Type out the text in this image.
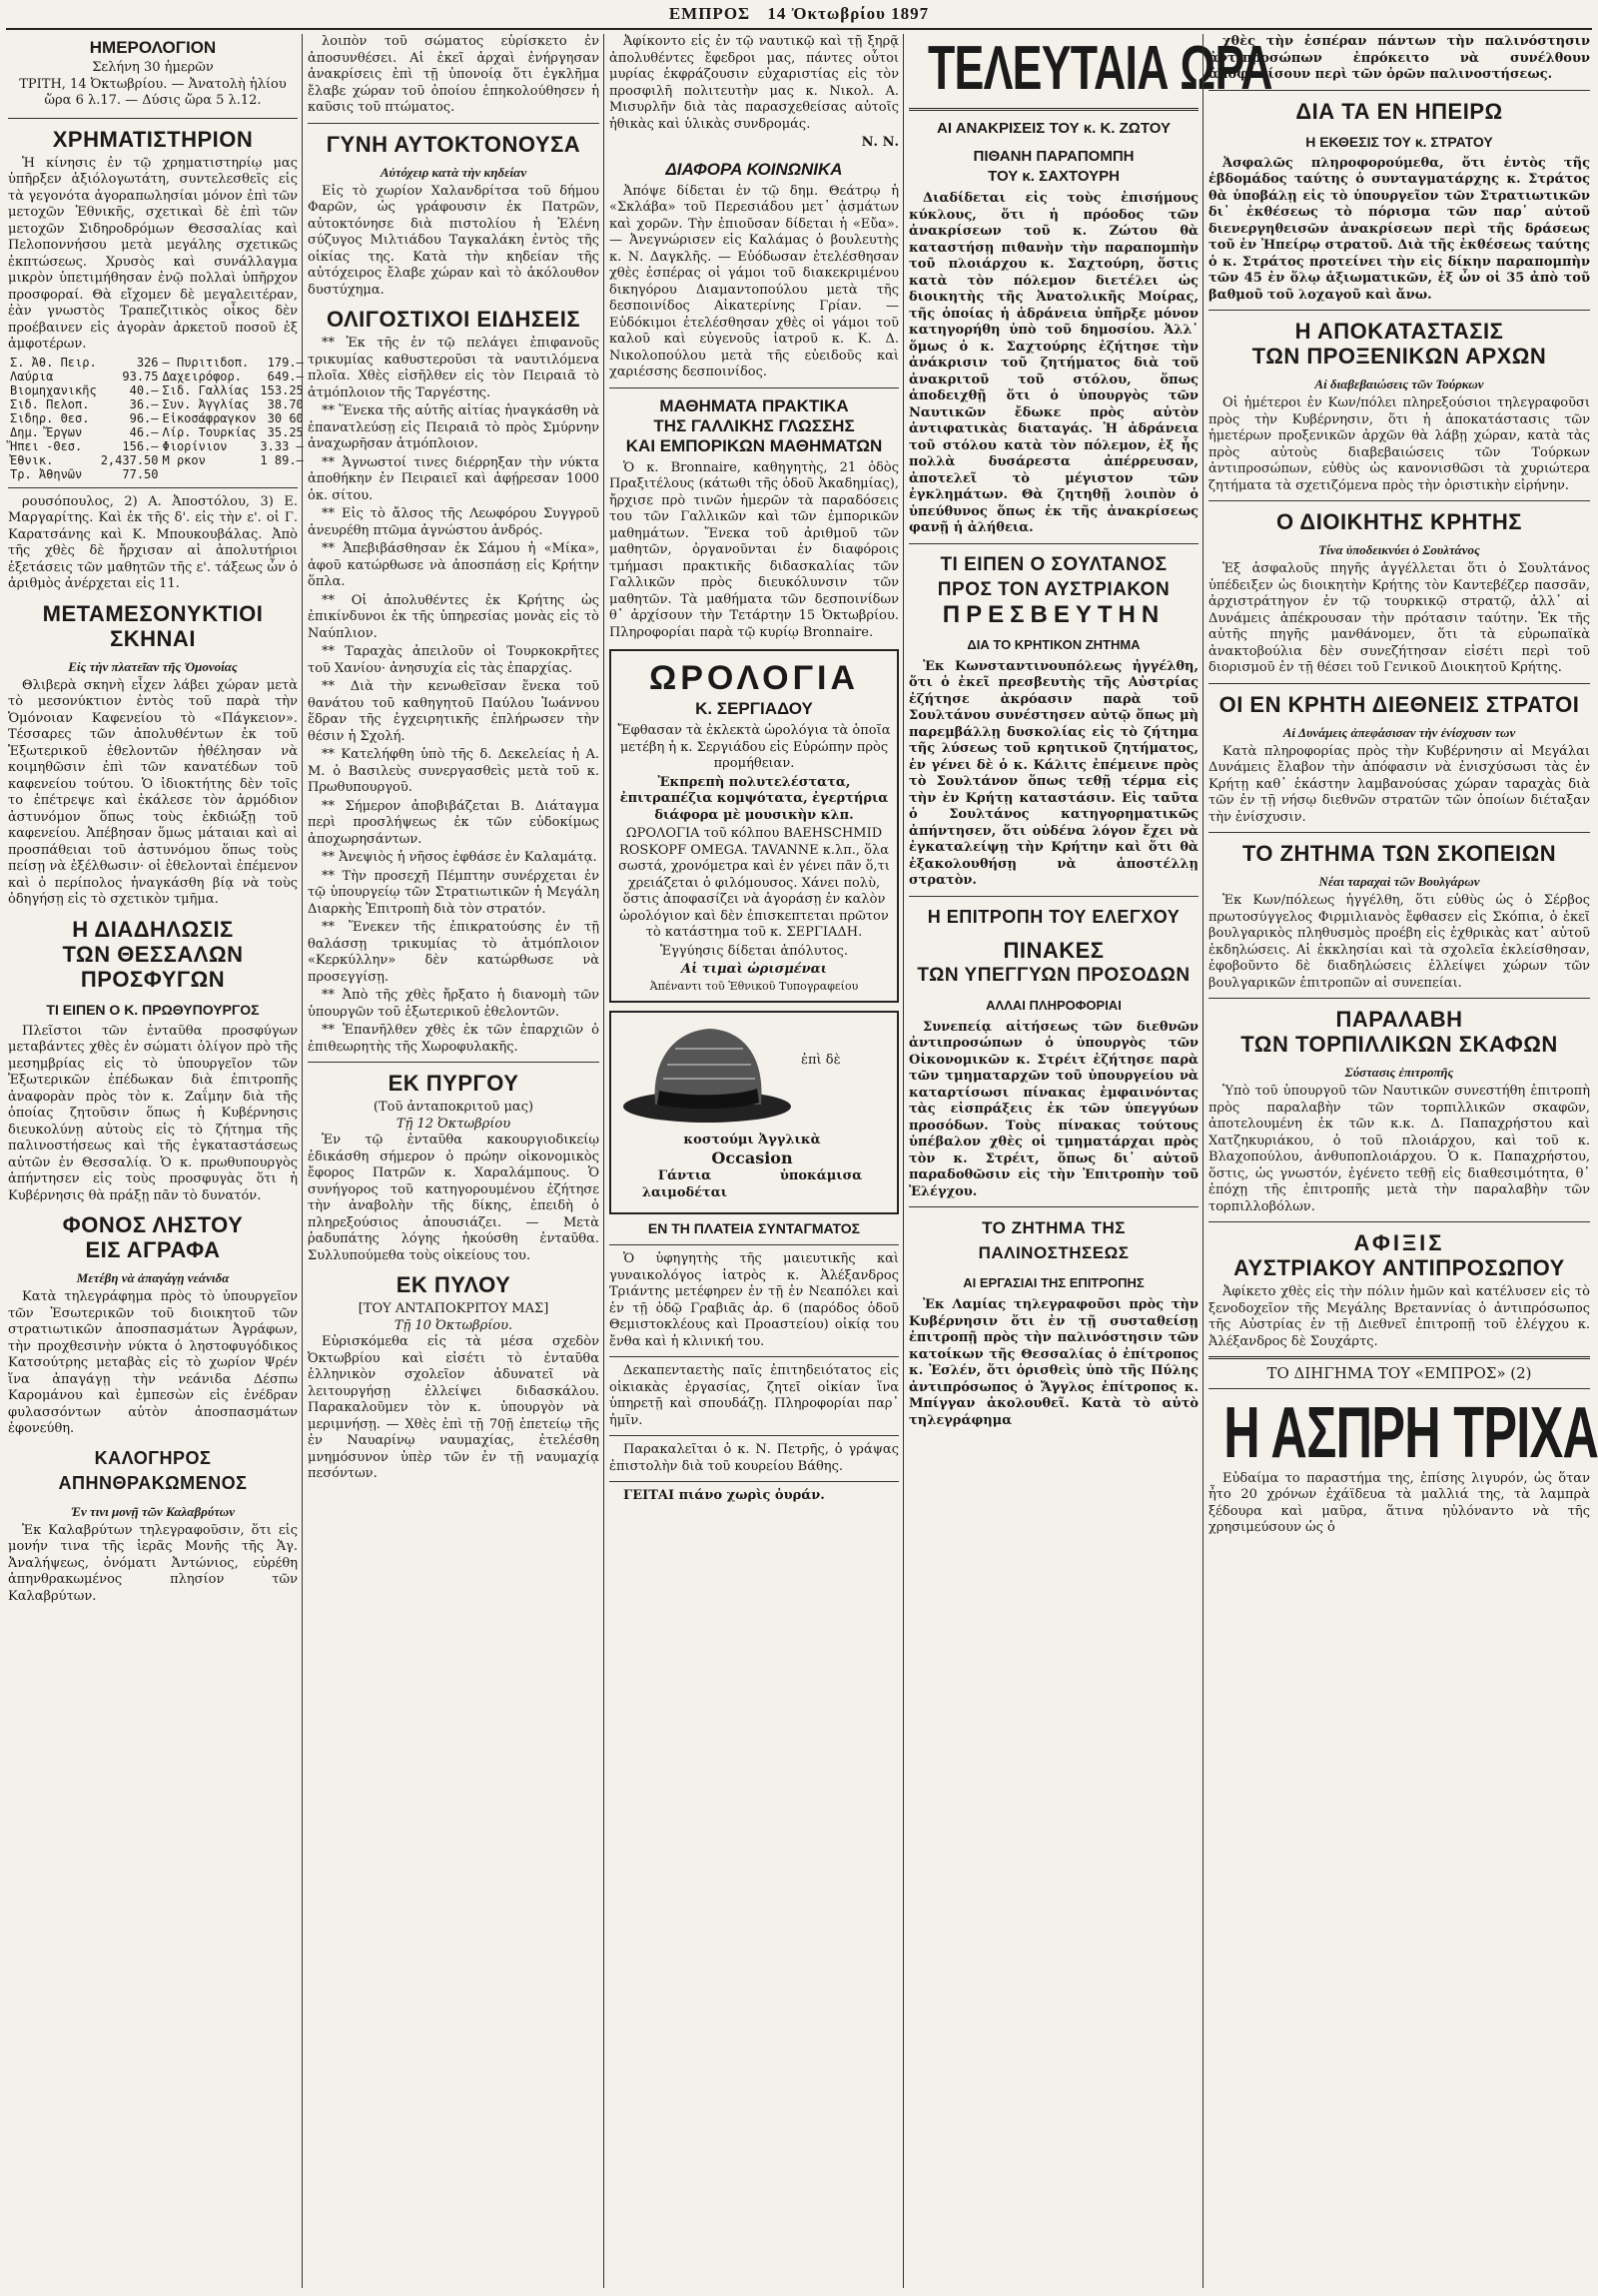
ΕΜΠΡΟΣ 14 Ὀκτωβρίου 1897
ΗΜΕΡΟΛΟΓΙΟΝ
Σελήνη 30 ἡμερῶν
ΤΡΙΤΗ, 14 Ὀκτωβρίου. — Ἀνατολὴ ἡλίου ὥρα 6 λ.17. — Δύσις ὥρα 5 λ.12.
ΧΡΗΜΑΤΙΣΤΗΡΙΟΝ

Ἡ κίνησις ἐν τῷ χρηματιστηρίῳ μας ὑπῆρξεν ἀξιόλογωτάτη, συντελεσθεῖς εἰς τὰ γεγονότα ἀγοραπωλησίαι μόνον ἐπὶ τῶν μετοχῶν Ἐθνικῆς, σχετικαὶ δὲ ἐπὶ τῶν μετοχῶν Σιδηροδρόμων Θεσσαλίας καὶ Πελοποννήσου μετὰ μεγάλης σχετικῶς ἐκπτώσεως. Χρυσὸς καὶ συνάλλαγμα μικρὸν ὑπετιμήθησαν ἐνῷ πολλαὶ ὑπῆρχον προσφοραί. Θὰ εἴχομεν δὲ μεγαλειτέραν, ἐὰν γνωστὸς Τραπεζιτικὸς οἶκος δὲν προέβαινεν εἰς ἀγορὰν ἀρκετοῦ ποσοῦ ἐξ ἀμφοτέρων.

Σ. Ἀθ. Πειρ.	326	— Πυριτιδοπ.	179.—
Λαύρια	93.75	Δαχειρόφορ.	649.—
Βιομηχανικῆς	40.—	Σιδ. Γαλλίας	153.25
Σιδ. Πελοπ.	36.—	Συν. Ἀγγλίας	38.70
Σιδηρ. Θεσ.	96.—	Εἰκοσάφραγκον	30 60
Δημ. Ἔργων	46.—	Λίρ. Τουρκίας	35.25
Ἤπει -Θεσ.	156.—	Φιορίνιον	3.33 —
Ἐθνικ.	2,437.50	Μ ρκον	1 89.—
Τρ. Ἀθηνῶν	77.50		

ρουσόπουλος, 2) Α. Ἀποστόλου, 3) Ε. Μαργαρίτης. Καὶ ἐκ τῆς δ'. εἰς τὴν ε'. οἱ Γ. Καρατσάνης καὶ Κ. Μπουκουβάλας. Ἀπὸ τῆς χθὲς δὲ ἤρχισαν αἱ ἀπολυτήριοι ἐξετάσεις τῶν μαθητῶν τῆς ε'. τάξεως ὧν ὁ ἀριθμὸς ἀνέρχεται εἰς 11.

ΜΕΤΑΜΕΣΟΝΥΚΤΙΟΙ ΣΚΗΝΑΙ
Εἰς τὴν πλατεῖαν τῆς Ὁμονοίας

Θλιβερὰ σκηνὴ εἶχεν λάβει χώραν μετὰ τὸ μεσονύκτιον ἐντὸς τοῦ παρὰ τὴν Ὁμόνοιαν Καφενείου τὸ «Πάγκειον». Τέσσαρες τῶν ἀπολυθέντων ἐκ τοῦ Ἐξωτερικοῦ ἐθελοντῶν ἠθέλησαν νὰ κοιμηθῶσιν ἐπὶ τῶν κανατέδων τοῦ καφενείου τούτου. Ὁ ἰδιοκτήτης δὲν τοῖς το ἐπέτρεψε καὶ ἐκάλεσε τὸν ἁρμόδιον ἀστυνόμον ὅπως τοὺς ἐκδιώξῃ τοῦ καφενείου. Ἀπέβησαν ὅμως μάταιαι καὶ αἱ προσπάθειαι τοῦ ἀστυνόμου ὅπως τοὺς πείσῃ νὰ ἐξέλθωσιν· οἱ ἐθελονταὶ ἐπέμενον καὶ ὁ περίπολος ἠναγκάσθη βίᾳ νὰ τοὺς ὁδηγήσῃ εἰς τὸ σχετικὸν τμῆμα.

Η ΔΙΑΔΗΛΩΣΙΣ
ΤΩΝ ΘΕΣΣΑΛΩΝ ΠΡΟΣΦΥΓΩΝ
ΤΙ ΕΙΠΕΝ Ο Κ. ΠΡΩΘΥΠΟΥΡΓΟΣ

Πλεῖστοι τῶν ἐνταῦθα προσφύγων μεταβάντες χθὲς ἐν σώματι ὀλίγον πρὸ τῆς μεσημβρίας εἰς τὸ ὑπουργεῖον τῶν Ἐξωτερικῶν ἐπέδωκαν διὰ ἐπιτροπῆς ἀναφορὰν πρὸς τὸν κ. Ζαΐμην διὰ τῆς ὁποίας ζητοῦσιν ὅπως ἡ Κυβέρνησις διευκολύνῃ αὐτοὺς εἰς τὸ ζήτημα τῆς παλινοστήσεως καὶ τῆς ἐγκαταστάσεως αὐτῶν ἐν Θεσσαλίᾳ. Ὁ κ. πρωθυπουργὸς ἀπήντησεν εἰς τοὺς προσφυγὰς ὅτι ἡ Κυβέρνησις θὰ πράξῃ πᾶν τὸ δυνατόν.

ΦΟΝΟΣ ΛΗΣΤΟΥ
ΕΙΣ ΑΓΡΑΦΑ
Μετέβη νὰ ἀπαγάγῃ νεάνιδα

Κατὰ τηλεγράφημα πρὸς τὸ ὑπουργεῖον τῶν Ἐσωτερικῶν τοῦ διοικητοῦ τῶν στρατιωτικῶν ἀποσπασμάτων Ἀγράφων, τὴν προχθεσινὴν νύκτα ὁ ληστοφυγόδικος Κατσούτρης μεταβὰς εἰς τὸ χωρίον Ψρέν ἵνα ἀπαγάγῃ τὴν νεάνιδα Δέσπω Καρομάνου καὶ ἐμπεσὼν εἰς ἐνέδραν φυλασσόντων αὐτὸν ἀποσπασμάτων ἐφονεύθη.

ΚΑΛΟΓΗΡΟΣ ΑΠΗΝΘΡΑΚΩΜΕΝΟΣ
Ἐν τινι μονῇ τῶν Καλαβρύτων

Ἐκ Καλαβρύτων τηλεγραφοῦσιν, ὅτι εἰς μονήν τινα τῆς ἱερᾶς Μονῆς τῆς Ἁγ. Ἀναλήψεως, ὀνόματι Ἀντώνιος, εὑρέθη ἀπηνθρακωμένος πλησίον τῶν Καλαβρύτων.

λοιπὸν τοῦ σώματος εὑρίσκετο ἐν ἀποσυνθέσει. Αἱ ἐκεῖ ἀρχαὶ ἐνήργησαν ἀνακρίσεις ἐπὶ τῇ ὑπονοίᾳ ὅτι ἐγκλῆμα ἔλαβε χώραν τοῦ ὁποίου ἐπηκολούθησεν ἡ καῦσις τοῦ πτώματος.

ΓΥΝΗ ΑΥΤΟΚΤΟΝΟΥΣΑ
Αὐτόχειρ κατὰ τὴν κηδείαν

Εἰς τὸ χωρίον Χαλανδρίτσα τοῦ δήμου Φαρῶν, ὡς γράφουσιν ἐκ Πατρῶν, αὐτοκτόνησε διὰ πιστολίου ἡ Ἑλένη σύζυγος Μιλτιάδου Ταγκαλάκη ἐντὸς τῆς οἰκίας της. Κατὰ τὴν κηδείαν τῆς αὐτόχειρος ἔλαβε χώραν καὶ τὸ ἀκόλουθον δυστύχημα.

ΟΛΙΓΟΣΤΙΧΟΙ ΕΙΔΗΣΕΙΣ

** Ἐκ τῆς ἐν τῷ πελάγει ἐπιφανοῦς τρικυμίας καθυστεροῦσι τὰ ναυτιλόμενα πλοῖα. Χθὲς εἰσῆλθεν εἰς τὸν Πειραιᾶ τὸ ἀτμόπλοιον τῆς Ταργέστης.

** Ἕνεκα τῆς αὐτῆς αἰτίας ἠναγκάσθη νὰ ἐπανατλεύσῃ εἰς Πειραιᾶ τὸ πρὸς Σμύρνην ἀναχωρῆσαν ἀτμόπλοιον.

** Ἀγνωστοί τινες διέρρηξαν τὴν νύκτα ἀποθήκην ἐν Πειραιεῖ καὶ ἀφῄρεσαν 1000 ὀκ. σίτου.

** Εἰς τὸ ἄλσος τῆς Λεωφόρου Συγγροῦ ἀνευρέθη πτῶμα ἀγνώστου ἀνδρός.

** Ἀπεβιβάσθησαν ἐκ Σάμου ἡ «Μίκα», ἀφοῦ κατώρθωσε νὰ ἀποσπάσῃ εἰς Κρήτην ὅπλα.

** Οἱ ἀπολυθέντες ἐκ Κρήτης ὡς ἐπικίνδυνοι ἐκ τῆς ὑπηρεσίας μονὰς εἰς τὸ Ναύπλιον.

** Ταραχὰς ἀπειλοῦν οἱ Τουρκοκρῆτες τοῦ Χανίου· ἀνησυχία εἰς τὰς ἐπαρχίας.

** Διὰ τὴν κενωθεῖσαν ἕνεκα τοῦ θανάτου τοῦ καθηγητοῦ Παύλου Ἰωάννου ἕδραν τῆς ἐγχειρητικῆς ἐπλήρωσεν τὴν θέσιν ἡ Σχολή.

** Κατελήφθη ὑπὸ τῆς δ. Δεκελείας ἡ Α. Μ. ὁ Βασιλεὺς συνεργασθεὶς μετὰ τοῦ κ. Πρωθυπουργοῦ.

** Σήμερον ἀποβιβάζεται Β. Διάταγμα περὶ προσλήψεως ἐκ τῶν εὐδοκίμως ἀποχωρησάντων.

** Ἀνεψιὸς ἡ νῆσος ἐφθάσε ἐν Καλαμάτᾳ.

** Τὴν προσεχῆ Πέμπτην συνέρχεται ἐν τῷ ὑπουργείῳ τῶν Στρατιωτικῶν ἡ Μεγάλη Διαρκὴς Ἐπιτροπὴ διὰ τὸν στρατόν.

** Ἕνεκεν τῆς ἐπικρατούσης ἐν τῇ θαλάσσῃ τρικυμίας τὸ ἀτμόπλοιον «Κερκύλλην» δὲν κατώρθωσε νὰ προσεγγίσῃ.

** Ἀπὸ τῆς χθὲς ἤρξατο ἡ διανομὴ τῶν ὑπουργῶν τοῦ ἐξωτερικοῦ ἐθελοντῶν.

** Ἐπανῆλθεν χθὲς ἐκ τῶν ἐπαρχιῶν ὁ ἐπιθεωρητὴς τῆς Χωροφυλακῆς.

ΕΚ ΠΥΡΓΟΥ
(Τοῦ ἀνταποκριτοῦ μας)
Τῇ 12 Ὀκτωβρίου

Ἐν τῷ ἐνταῦθα κακουργιοδικείῳ ἐδικάσθη σήμερον ὁ πρώην οἰκονομικὸς ἔφορος Πατρῶν κ. Χαραλάμπους. Ὁ συνήγορος τοῦ κατηγορουμένου ἐζήτησε τὴν ἀναβολὴν τῆς δίκης, ἐπειδὴ ὁ πληρεξούσιος ἀπουσιάζει. — Μετὰ ῥαδυπάτης λόγης ἠκούσθη ἐνταῦθα. Συλλυπούμεθα τοὺς οἰκείους του.

ΕΚ ΠΥΛΟΥ
[ΤΟΥ ΑΝΤΑΠΟΚΡΙΤΟΥ ΜΑΣ]
Τῇ 10 Ὀκτωβρίου.

Εὑρισκόμεθα εἰς τὰ μέσα σχεδὸν Ὀκτωβρίου καὶ εἰσέτι τὸ ἐνταῦθα ἑλληνικὸν σχολεῖον ἀδυνατεῖ νὰ λειτουργήσῃ ἐλλείψει διδασκάλου. Παρακαλοῦμεν τὸν κ. ὑπουργὸν νὰ μεριμνήσῃ. — Χθὲς ἐπὶ τῇ 70ῇ ἐπετείῳ τῆς ἐν Ναυαρίνῳ ναυμαχίας, ἐτελέσθη μνημόσυνον ὑπὲρ τῶν ἐν τῇ ναυμαχίᾳ πεσόντων.

Ἀφίκοντο εἰς ἐν τῷ ναυτικῷ καὶ τῇ ξηρᾷ ἀπολυθέντες ἔφεδροι μας, πάντες οὗτοι μυρίας ἐκφράζουσιν εὐχαριστίας εἰς τὸν προσφιλῆ πολιτευτὴν μας κ. Νικολ. Α. Μισυρλῆν διὰ τὰς παρασχεθείσας αὐτοῖς ἠθικὰς καὶ ὑλικὰς συνδρομάς.

Ν. Ν.
ΔΙΑΦΟΡΑ ΚΟΙΝΩΝΙΚΑ

Ἀπόψε δίδεται ἐν τῷ δημ. Θεάτρῳ ἡ «Σκλάβα» τοῦ Περεσιάδου μετ᾽ ᾀσμάτων καὶ χορῶν. Τὴν ἐπιοῦσαν δίδεται ἡ «Εὔα». — Ἀνεγνώρισεν εἰς Καλάμας ὁ βουλευτὴς κ. Ν. Δαγκλῆς. — Εὐόδωσαν ἐτελέσθησαν χθὲς ἐσπέρας οἱ γάμοι τοῦ διακεκριμένου δικηγόρου Διαμαντοπούλου μετὰ τῆς δεσποινίδος Αἰκατερίνης Γρίαν. — Εὐδόκιμοι ἐτελέσθησαν χθὲς οἱ γάμοι τοῦ καλοῦ καὶ εὐγενοῦς ἰατροῦ κ. Κ. Δ. Νικολοπούλου μετὰ τῆς εὐειδοῦς καὶ χαριέσσης δεσποινίδος.

ΜΑΘΗΜΑΤΑ ΠΡΑΚΤΙΚΑ
ΤΗΣ ΓΑΛΛΙΚΗΣ ΓΛΩΣΣΗΣ
ΚΑΙ ΕΜΠΟΡΙΚΩΝ ΜΑΘΗΜΑΤΩΝ

Ὁ κ. Bronnaire, καθηγητὴς, 21 ὁδὸς Πραξιτέλους (κάτωθι τῆς ὁδοῦ Ἀκαδημίας), ἤρχισε πρὸ τινῶν ἡμερῶν τὰ παραδόσεις του τῶν Γαλλικῶν καὶ τῶν ἐμπορικῶν μαθημάτων. Ἕνεκα τοῦ ἀριθμοῦ τῶν μαθητῶν, ὀργανοῦνται ἐν διαφόροις τμήμασι πρακτικῆς διδασκαλίας τῶν Γαλλικῶν πρὸς διευκόλυνσιν τῶν μαθητῶν. Τὰ μαθήματα τῶν δεσποινίδων θ᾽ ἀρχίσουν τὴν Τετάρτην 15 Ὀκτωβρίου. Πληροφορίαι παρὰ τῷ κυρίῳ Bronnaire.

ΩΡΟΛΟΓΙΑ
Κ. ΣΕΡΓΙΑΔΟΥ

Ἔφθασαν τὰ ἐκλεκτὰ ὡρολόγια τὰ ὁποῖα μετέβη ἡ κ. Σεργιάδου εἰς Εὐρώπην πρὸς προμήθειαν.

Ἐκπρεπὴ πολυτελέστατα, ἐπιτραπέζια κομψότατα, ἐγερτήρια διάφορα μὲ μουσικὴν κλπ.

ΩΡΟΛΟΓΙΑ τοῦ κόλπου BAEHSCHMID ROSKOPF OMEGA. TAVANNE κ.λπ., ὅλα σωστά, χρονόμετρα καὶ ἐν γένει πᾶν ὅ,τι χρειάζεται ὁ φιλόμουσος. Χάνει πολὺ, ὅστις ἀποφασίζει νὰ ἀγοράσῃ ἐν καλὸν ὡρολόγιον καὶ δὲν ἐπισκεπτεται πρῶτον τὸ κατάστημα τοῦ κ. ΣΕΡΓΙΑΔΗ.

Ἐγγύησις δίδεται ἀπόλυτος.

Αἱ τιμαὶ ὡρισμέναι
Ἀπέναντι τοῦ Ἐθνικοῦ Τυπογραφείου
ἐπὶ δὲ
κοστούμι Ἀγγλικὰ
Occasion
Γάντια λαιμοδέται
ὑποκάμισα
ΕΝ ΤΗ ΠΛΑΤΕΙΑ ΣΥΝΤΑΓΜΑΤΟΣ

Ὁ ὑφηγητὴς τῆς μαιευτικῆς καὶ γυναικολόγος ἰατρὸς κ. Ἀλέξανδρος Τριάντης μετέφηρεν ἐν τῇ ἐν Νεαπόλει καὶ ἐν τῇ ὁδῷ Γραβιᾶς ἀρ. 6 (παρόδος ὁδοῦ Θεμιστοκλέους καὶ Προαστείου) οἰκίᾳ του ἔνθα καὶ ἡ κλινική του.

Δεκαπενταετὴς παῖς ἐπιτηδειότατος εἰς οἰκιακὰς ἐργασίας, ζητεῖ οἰκίαν ἵνα ὑπηρετῇ καὶ σπουδάζῃ. Πληροφορίαι παρ᾽ ἡμῖν.

Παρακαλεῖται ὁ κ. Ν. Πετρῆς, ὁ γράψας ἐπιστολὴν διὰ τοῦ κουρείου Βάθης.

ΓΕΙΤΑΙ πιάνο χωρὶς ὀυράν.

ΤΕΛΕΥΤΑΙΑ ΩΡΑ
ΑΙ ΑΝΑΚΡΙΣΕΙΣ ΤΟΥ κ. Κ. ΖΩΤΟΥ
ΠΙΘΑΝΗ ΠΑΡΑΠΟΜΠΗ
ΤΟΥ κ. ΣΑΧΤΟΥΡΗ

Διαδίδεται εἰς τοὺς ἐπισήμους κύκλους, ὅτι ἡ πρόοδος τῶν ἀνακρίσεων τοῦ κ. Ζώτου θὰ καταστήσῃ πιθανὴν τὴν παραπομπὴν τοῦ πλοιάρχου κ. Σαχτούρη, ὅστις κατὰ τὸν πόλεμον διετέλει ὡς διοικητὴς τῆς Ἀνατολικῆς Μοίρας, τῆς ὁποίας ἡ ἀδράνεια ὑπῆρξε μόνον κατηγορήθη ὑπὸ τοῦ δημοσίου. Ἀλλ᾽ ὅμως ὁ κ. Σαχτούρης ἐζήτησε τὴν ἀνάκρισιν τοῦ ζητήματος διὰ τοῦ ἀνακριτοῦ τοῦ στόλου, ὅπως ἀποδειχθῇ ὅτι ὁ ὑπουργὸς τῶν Ναυτικῶν ἔδωκε πρὸς αὐτὸν ἀντιφατικὰς διαταγάς. Ἡ ἀδράνεια τοῦ στόλου κατὰ τὸν πόλεμον, ἐξ ἧς πολλὰ δυσάρεστα ἀπέρρευσαν, ἀποτελεῖ τὸ μέγιστον τῶν ἐγκλημάτων. Θὰ ζητηθῇ λοιπὸν ὁ ὑπεύθυνος ὅπως ἐκ τῆς ἀνακρίσεως φανῇ ἡ ἀλήθεια.

ΤΙ ΕΙΠΕΝ Ο ΣΟΥΛΤΑΝΟΣ
ΠΡΟΣ ΤΟΝ ΑΥΣΤΡΙΑΚΟΝ
ΠΡΕΣΒΕΥΤΗΝ
ΔΙΑ ΤΟ ΚΡΗΤΙΚΟΝ ΖΗΤΗΜΑ

Ἐκ Κωνσταντινουπόλεως ἠγγέλθη, ὅτι ὁ ἐκεῖ πρεσβευτὴς τῆς Αὐστρίας ἐζήτησε ἀκρόασιν παρὰ τοῦ Σουλτάνου συνέστησεν αὐτῷ ὅπως μὴ παρεμβάλλῃ δυσκολίας εἰς τὸ ζήτημα τῆς λύσεως τοῦ κρητικοῦ ζητήματος, ἐν γένει δὲ ὁ κ. Κάλιτς ἐπέμεινε πρὸς τὸ Σουλτάνον ὅπως τεθῇ τέρμα εἰς τὴν ἐν Κρήτῃ καταστάσιν. Εἰς ταῦτα ὁ Σουλτάνος κατηγορηματικῶς ἀπήντησεν, ὅτι οὐδένα λόγον ἔχει νὰ ἐγκαταλείψῃ τὴν Κρήτην καὶ ὅτι θὰ ἐξακολουθήσῃ νὰ ἀποστέλλῃ στρατὸν.

Η ΕΠΙΤΡΟΠΗ ΤΟΥ ΕΛΕΓΧΟΥ
ΠΙΝΑΚΕΣ
ΤΩΝ ΥΠΕΓΓΥΩΝ ΠΡΟΣΟΔΩΝ
ΑΛΛΑΙ ΠΛΗΡΟΦΟΡΙΑΙ

Συνεπείᾳ αἰτήσεως τῶν διεθνῶν ἀντιπροσώπων ὁ ὑπουργὸς τῶν Οἰκονομικῶν κ. Στρέιτ ἐζήτησε παρὰ τῶν τμηματαρχῶν τοῦ ὑπουργείου νὰ καταρτίσωσι πίνακας ἐμφαινόντας τὰς εἰσπράξεις ἐκ τῶν ὑπεγγύων προσόδων. Τοὺς πίνακας τούτους ὑπέβαλον χθὲς οἱ τμηματάρχαι πρὸς τὸν κ. Στρέιτ, ὅπως δι᾽ αὐτοῦ παραδοθῶσιν εἰς τὴν Ἐπιτροπὴν τοῦ Ἐλέγχου.

ΤΟ ΖΗΤΗΜΑ ΤΗΣ ΠΑΛΙΝΟΣΤΗΣΕΩΣ
ΑΙ ΕΡΓΑΣΙΑΙ ΤΗΣ ΕΠΙΤΡΟΠΗΣ

Ἐκ Λαμίας τηλεγραφοῦσι πρὸς τὴν Κυβέρνησιν ὅτι ἐν τῇ συσταθείσῃ ἐπιτροπῇ πρὸς τὴν παλινόστησιν τῶν κατοίκων τῆς Θεσσαλίας ὁ ἐπίτροπος κ. Ἐσλέν, ὅτι ὁρισθεὶς ὑπὸ τῆς Πύλης ἀντιπρόσωπος ὁ Ἄγγλος ἐπίτροπος κ. Μπίγγαν ἀκολουθεῖ. Κατὰ τὸ αὐτὸ τηλεγράφημα

χθὲς τὴν ἑσπέραν πάντων τὴν παλινόστησιν ἀντιπροσώπων ἐπρόκειτο νὰ συνέλθουν ἀποφασίσουν περὶ τῶν ὁρῶν παλινοστήσεως.

ΔΙΑ ΤΑ ΕΝ ΗΠΕΙΡΩ
Η ΕΚΘΕΣΙΣ ΤΟΥ κ. ΣΤΡΑΤΟΥ

Ἀσφαλῶς πληροφορούμεθα, ὅτι ἐντὸς τῆς ἑβδομάδος ταύτης ὁ συνταγματάρχης κ. Στράτος θὰ ὑποβάλῃ εἰς τὸ ὑπουργεῖον τῶν Στρατιωτικῶν δι᾽ ἐκθέσεως τὸ πόρισμα τῶν παρ᾽ αὐτοῦ διενεργηθεισῶν ἀνακρίσεων περὶ τῆς δράσεως τοῦ ἐν Ἠπείρῳ στρατοῦ. Διὰ τῆς ἐκθέσεως ταύτης ὁ κ. Στράτος προτείνει τὴν εἰς δίκην παραπομπὴν τῶν 45 ἐν ὅλῳ ἀξιωματικῶν, ἐξ ὧν οἱ 35 ἀπὸ τοῦ βαθμοῦ τοῦ λοχαγοῦ καὶ ἄνω.

Η ΑΠΟΚΑΤΑΣΤΑΣΙΣ
ΤΩΝ ΠΡΟΞΕΝΙΚΩΝ ΑΡΧΩΝ
Αἱ διαβεβαιώσεις τῶν Τούρκων

Οἱ ἡμέτεροι ἐν Κων/πόλει πληρεξούσιοι τηλεγραφοῦσι πρὸς τὴν Κυβέρνησιν, ὅτι ἡ ἀποκατάστασις τῶν ἡμετέρων προξενικῶν ἀρχῶν θὰ λάβῃ χώραν, κατὰ τὰς πρὸς αὐτοὺς διαβεβαιώσεις τῶν Τούρκων ἀντιπροσώπων, εὐθὺς ὡς κανονισθῶσι τὰ χυριώτερα ζητήματα τὰ σχετιζόμενα πρὸς τὴν ὁριστικὴν εἰρήνην.

Ο ΔΙΟΙΚΗΤΗΣ ΚΡΗΤΗΣ
Τίνα ὑποδεικνύει ὁ Σουλτάνος

Ἐξ ἀσφαλοῦς πηγῆς ἀγγέλλεται ὅτι ὁ Σουλτάνος ὑπέδειξεν ὡς διοικητὴν Κρήτης τὸν Καντεβέζερ πασσᾶν, ἀρχιστράτηγον ἐν τῷ τουρκικῷ στρατῷ, ἀλλ᾽ αἱ Δυνάμεις ἀπέκρουσαν τὴν πρότασιν ταύτην. Ἐκ τῆς αὐτῆς πηγῆς μανθάνομεν, ὅτι τὰ εὐρωπαϊκὰ ἀνακτοβούλια δὲν συνεζήτησαν εἰσέτι περὶ τοῦ διορισμοῦ ἐν τῇ θέσει τοῦ Γενικοῦ Διοικητοῦ Κρήτης.

ΟΙ ΕΝ ΚΡΗΤΗ ΔΙΕΘΝΕΙΣ ΣΤΡΑΤΟΙ
Αἱ Δυνάμεις ἀπεφάσισαν τὴν ἐνίσχυσιν των

Κατὰ πληροφορίας πρὸς τὴν Κυβέρνησιν αἱ Μεγάλαι Δυνάμεις ἔλαβον τὴν ἀπόφασιν νὰ ἐνισχύσωσι τὰς ἐν Κρήτῃ καθ᾽ ἑκάστην λαμβανούσας χώραν ταραχὰς διὰ τῶν ἐν τῇ νήσῳ διεθνῶν στρατῶν τῶν ὁποίων διέταξαν τὴν ἐνίσχυσιν.

ΤΟ ΖΗΤΗΜΑ ΤΩΝ ΣΚΟΠΕΙΩΝ
Νέαι ταραχαὶ τῶν Βουλγάρων

Ἐκ Κων/πόλεως ἠγγέλθη, ὅτι εὐθὺς ὡς ὁ Σέρβος πρωτοσύγγελος Φιρμιλιανὸς ἔφθασεν εἰς Σκόπια, ὁ ἐκεῖ βουλγαρικὸς πληθυσμὸς προέβη εἰς ἐχθρικὰς κατ᾽ αὐτοῦ ἐκδηλώσεις. Αἱ ἐκκλησίαι καὶ τὰ σχολεῖα ἐκλείσθησαν, ἐφοβοῦντο δὲ διαδηλώσεις ἐλλείψει χώρων τῶν βουλγαρικῶν ἐπιτροπῶν αἱ συνεπείαι.

ΠΑΡΑΛΑΒΗ
ΤΩΝ ΤΟΡΠΙΛΛΙΚΩΝ ΣΚΑΦΩΝ
Σύστασις ἐπιτροπῆς

Ὑπὸ τοῦ ὑπουργοῦ τῶν Ναυτικῶν συνεστήθη ἐπιτροπὴ πρὸς παραλαβὴν τῶν τορπιλλικῶν σκαφῶν, ἀποτελουμένη ἐκ τῶν κ.κ. Δ. Παπαχρήστου καὶ Χατζηκυριάκου, ὁ τοῦ πλοιάρχου, καὶ τοῦ κ. Βλαχοπούλου, ἀνθυποπλοιάρχου. Ὁ κ. Παπαχρήστου, ὅστις, ὡς γνωστόν, ἐγένετο τεθῇ εἰς διαθεσιμότητα, θ᾽ ἐπόχῃ τῆς ἐπιτροπῆς μετὰ τὴν παραλαβὴν τῶν τορπιλλοβόλων.

ΑΦΙΞΙΣ
ΑΥΣΤΡΙΑΚΟΥ ΑΝΤΙΠΡΟΣΩΠΟΥ

Ἀφίκετο χθὲς εἰς τὴν πόλιν ἡμῶν καὶ κατέλυσεν εἰς τὸ ξενοδοχεῖον τῆς Μεγάλης Βρεταννίας ὁ ἀντιπρόσωπος τῆς Αὐστρίας ἐν τῇ Διεθνεῖ ἐπιτροπῇ τοῦ ἐλέγχου κ. Ἀλέξανδρος δὲ Σουχάρτς.

ΤΟ ΔΙΗΓΗΜΑ ΤΟΥ «ΕΜΠΡΟΣ» (2)
Η ΑΣΠΡΗ ΤΡΙΧΑ

Εὐδαίμα το παραστήμα της, ἐπίσης λιγυρόν, ὡς ὅταν ἦτο 20 χρόνων ἐχάϊδευα τὰ μαλλιά της, τὰ λαμπρὰ ξέδουρα καὶ μαῦρα, ἅτινα ηὐλόναντο νὰ τῆς χρησιμεύσουν ὡς ὁ
